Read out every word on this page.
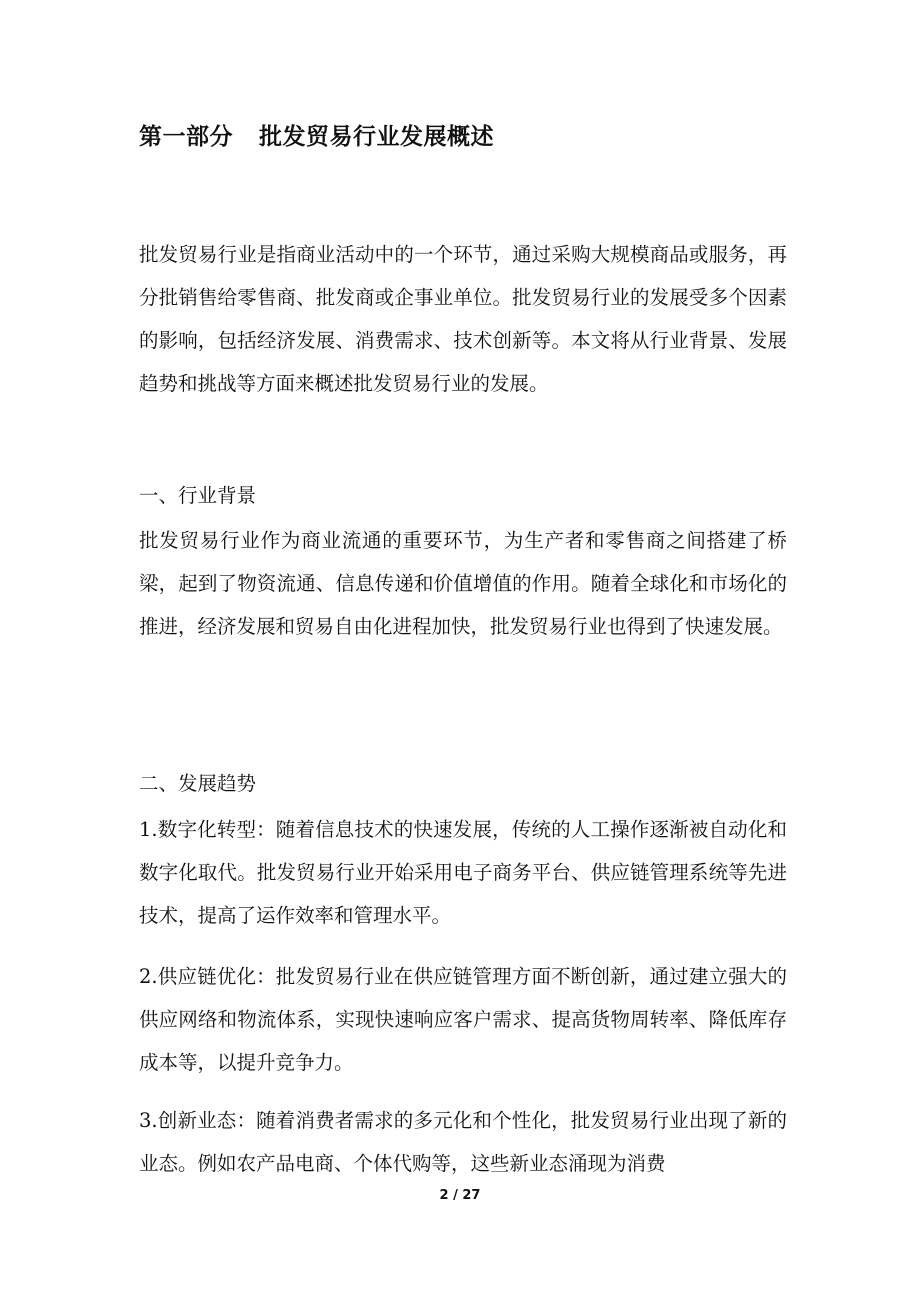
第一部分 批发贸易行业发展概述

批发贸易行业是指商业活动中的一个环节，通过采购大规模商品或服务，再分批销售给零售商、批发商或企事业单位。批发贸易行业的发展受多个因素的影响，包括经济发展、消费需求、技术创新等。本文将从行业背景、发展趋势和挑战等方面来概述批发贸易行业的发展。

一、行业背景

批发贸易行业作为商业流通的重要环节，为生产者和零售商之间搭建了桥梁，起到了物资流通、信息传递和价值增值的作用。随着全球化和市场化的推进，经济发展和贸易自由化进程加快，批发贸易行业也得到了快速发展。

二、发展趋势

1.数字化转型：随着信息技术的快速发展，传统的人工操作逐渐被自动化和数字化取代。批发贸易行业开始采用电子商务平台、供应链管理系统等先进技术，提高了运作效率和管理水平。

2.供应链优化：批发贸易行业在供应链管理方面不断创新，通过建立强大的供应网络和物流体系，实现快速响应客户需求、提高货物周转率、降低库存成本等，以提升竞争力。

3.创新业态：随着消费者需求的多元化和个性化，批发贸易行业出现了新的业态。例如农产品电商、个体代购等，这些新业态涌现为消费

2 / 27
